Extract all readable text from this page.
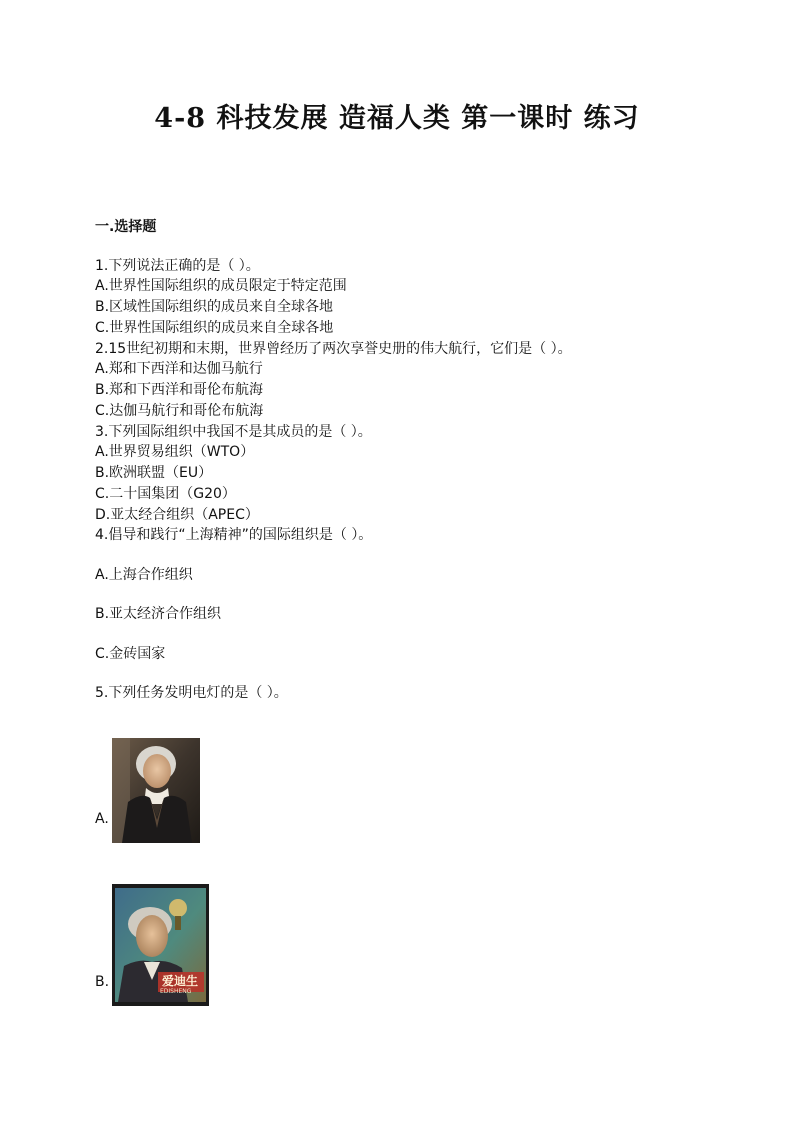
4-8 科技发展 造福人类 第一课时 练习
一.选择题
1.下列说法正确的是（ ）。
A.世界性国际组织的成员限定于特定范围
B.区域性国际组织的成员来自全球各地
C.世界性国际组织的成员来自全球各地
2.15世纪初期和末期，世界曾经历了两次享誉史册的伟大航行，它们是（ ）。
A.郑和下西洋和达伽马航行
B.郑和下西洋和哥伦布航海
C.达伽马航行和哥伦布航海
3.下列国际组织中我国不是其成员的是（ ）。
A.世界贸易组织（WTO）
B.欧洲联盟（EU）
C.二十国集团（G20）
D.亚太经合组织（APEC）
4.倡导和践行“上海精神”的国际组织是（ ）。
A.上海合作组织
B.亚太经济合作组织
C.金砖国家
5.下列任务发明电灯的是（ ）。
A.
B.	爱迪生
EDISHENG
